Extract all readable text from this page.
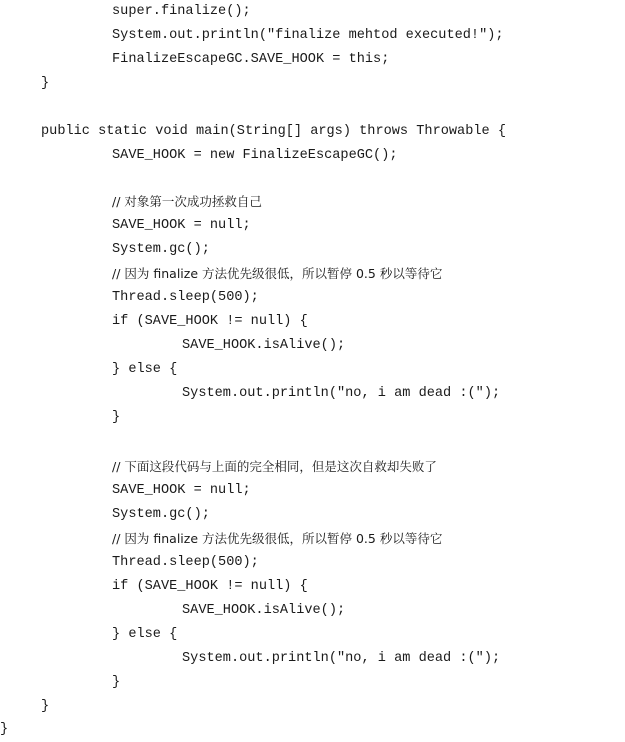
super.finalize();
System.out.println("finalize mehtod executed!");
FinalizeEscapeGC.SAVE_HOOK = this;
}
public static void main(String[] args) throws Throwable {
SAVE_HOOK = new FinalizeEscapeGC();
// 对象第一次成功拯救自己
SAVE_HOOK = null;
System.gc();
// 因为 finalize 方法优先级很低，所以暂停 0.5 秒以等待它
Thread.sleep(500);
if (SAVE_HOOK != null) {
SAVE_HOOK.isAlive();
} else {
System.out.println("no, i am dead :(");
}
// 下面这段代码与上面的完全相同，但是这次自救却失败了
SAVE_HOOK = null;
System.gc();
// 因为 finalize 方法优先级很低，所以暂停 0.5 秒以等待它
Thread.sleep(500);
if (SAVE_HOOK != null) {
SAVE_HOOK.isAlive();
} else {
System.out.println("no, i am dead :(");
}
}
}
